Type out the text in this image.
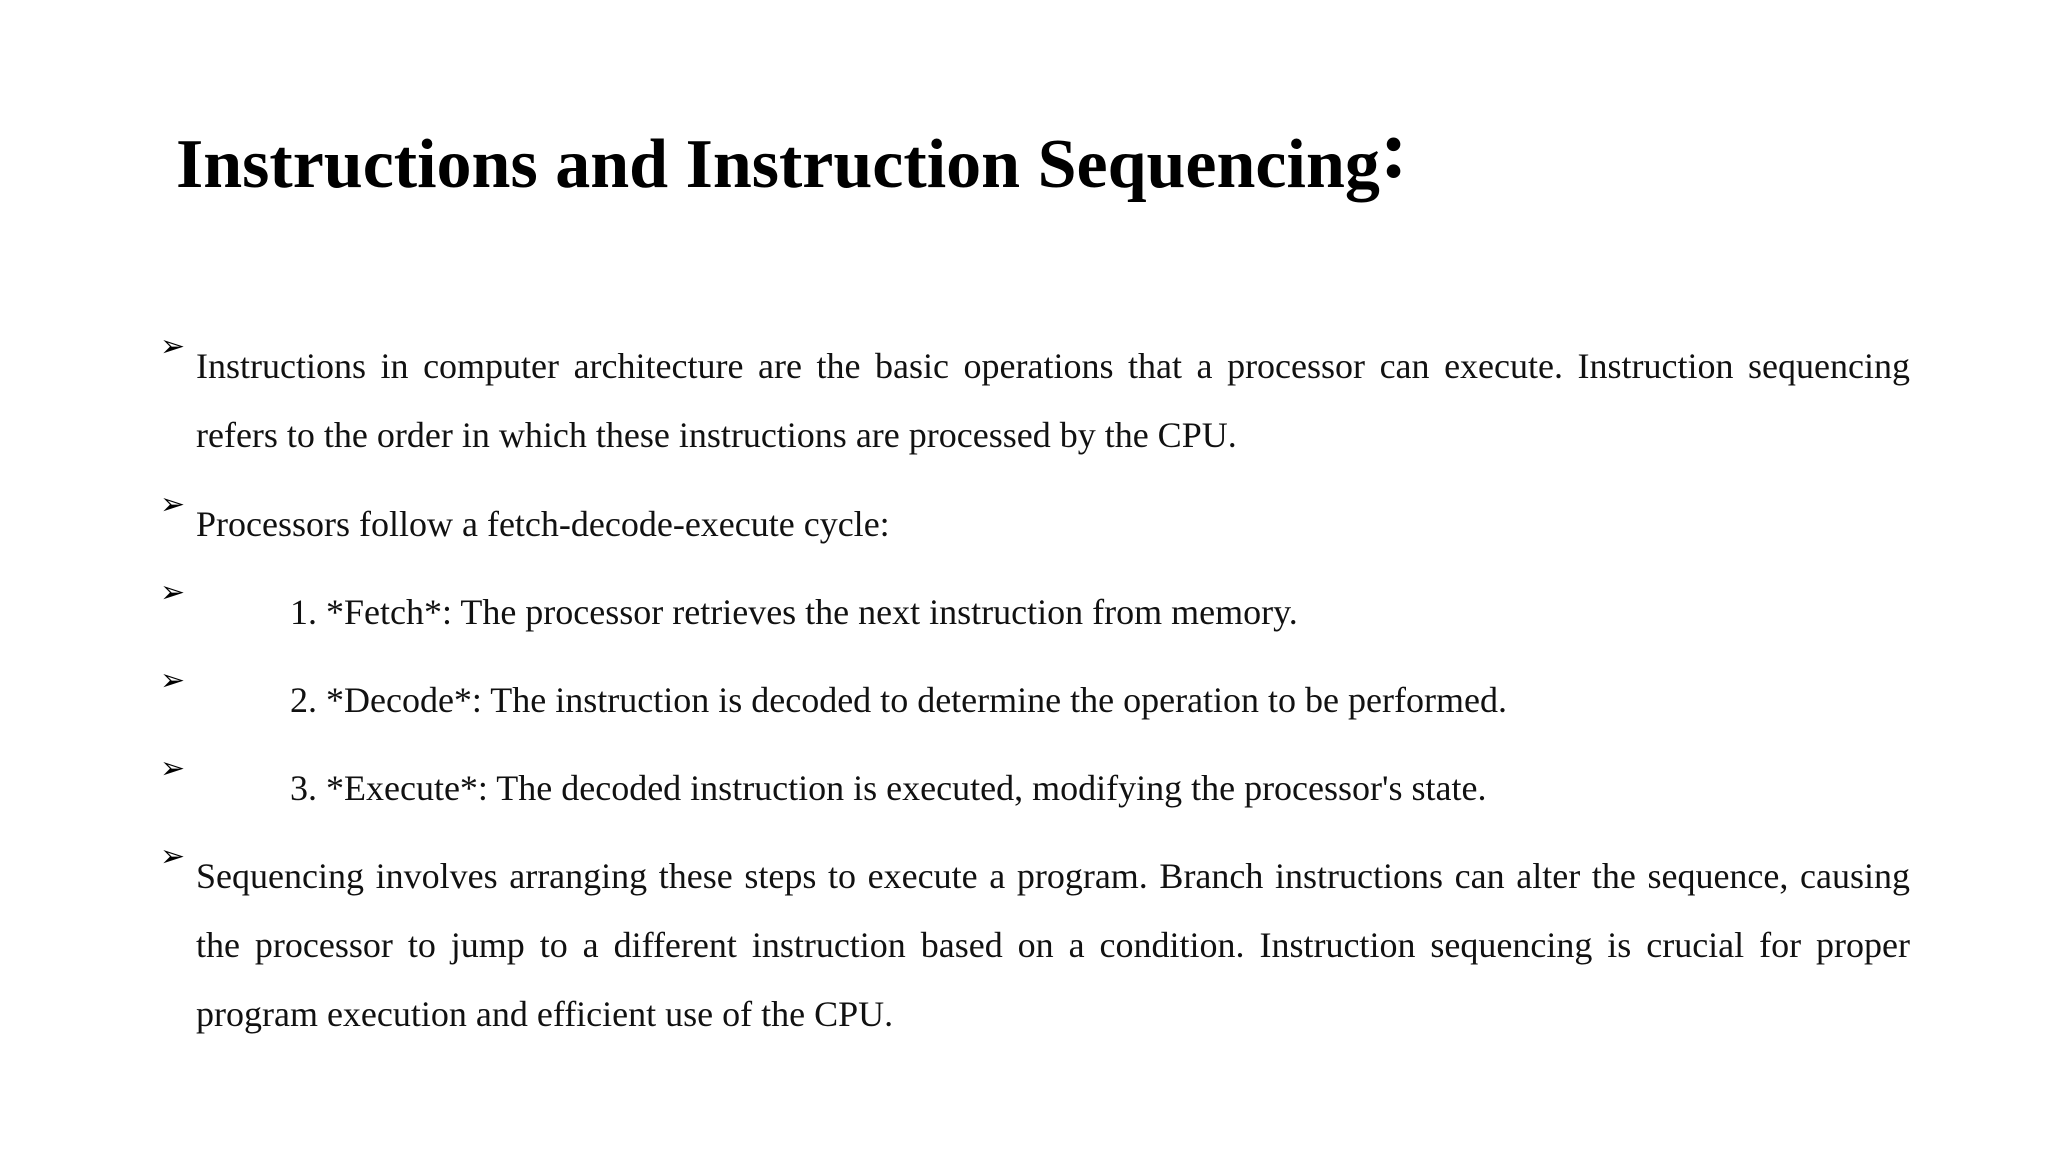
Instructions and Instruction Sequencing:
➢ Instructions in computer architecture are the basic operations that a processor can execute. Instruction sequencing refers to the order in which these instructions are processed by the CPU.
➢ Processors follow a fetch-decode-execute cycle:
➢	1. *Fetch*: The processor retrieves the next instruction from memory.
➢	2. *Decode*: The instruction is decoded to determine the operation to be performed.
➢	3. *Execute*: The decoded instruction is executed, modifying the processor's state.
➢ Sequencing involves arranging these steps to execute a program. Branch instructions can alter the sequence, causing the processor to jump to a different instruction based on a condition. Instruction sequencing is crucial for proper program execution and efficient use of the CPU.
